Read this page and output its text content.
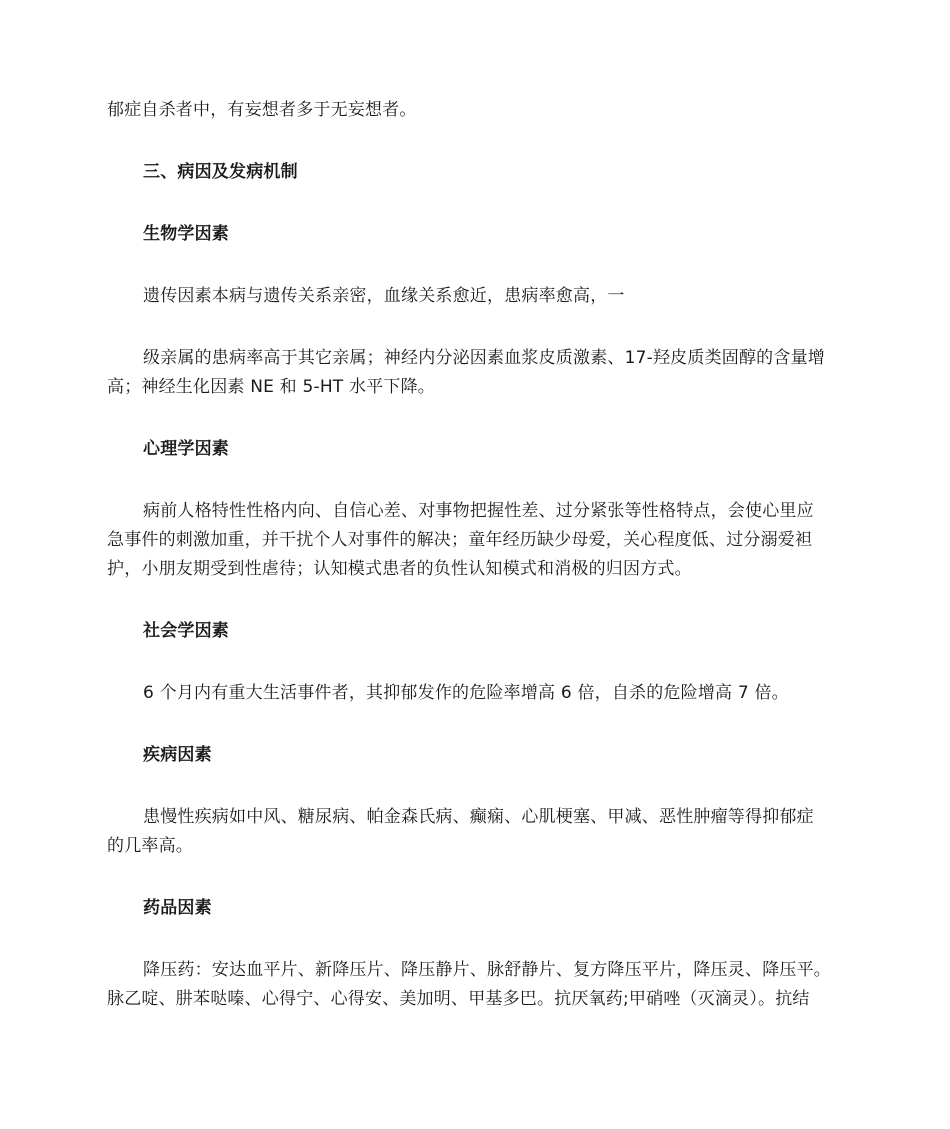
郁症自杀者中，有妄想者多于无妄想者。
三、病因及发病机制
生物学因素
遗传因素本病与遗传关系亲密，血缘关系愈近，患病率愈高，一
级亲属的患病率高于其它亲属；神经内分泌因素血浆皮质激素、17-羟皮质类固醇的含量增
高；神经生化因素 NE 和 5-HT 水平下降。
心理学因素
病前人格特性性格内向、自信心差、对事物把握性差、过分紧张等性格特点，会使心里应
急事件的刺激加重，并干扰个人对事件的解决；童年经历缺少母爱，关心程度低、过分溺爱袒
护，小朋友期受到性虐待；认知模式患者的负性认知模式和消极的归因方式。
社会学因素
6 个月内有重大生活事件者，其抑郁发作的危险率增高 6 倍，自杀的危险增高 7 倍。
疾病因素
患慢性疾病如中风、糖尿病、帕金森氏病、癫痫、心肌梗塞、甲减、恶性肿瘤等得抑郁症
的几率高。
药品因素
降压药：安达血平片、新降压片、降压静片、脉舒静片、复方降压平片，降压灵、降压平。
脉乙啶、肼苯哒嗪、心得宁、心得安、美加明、甲基多巴。抗厌氧药;甲硝唑（灭滴灵）。抗结
